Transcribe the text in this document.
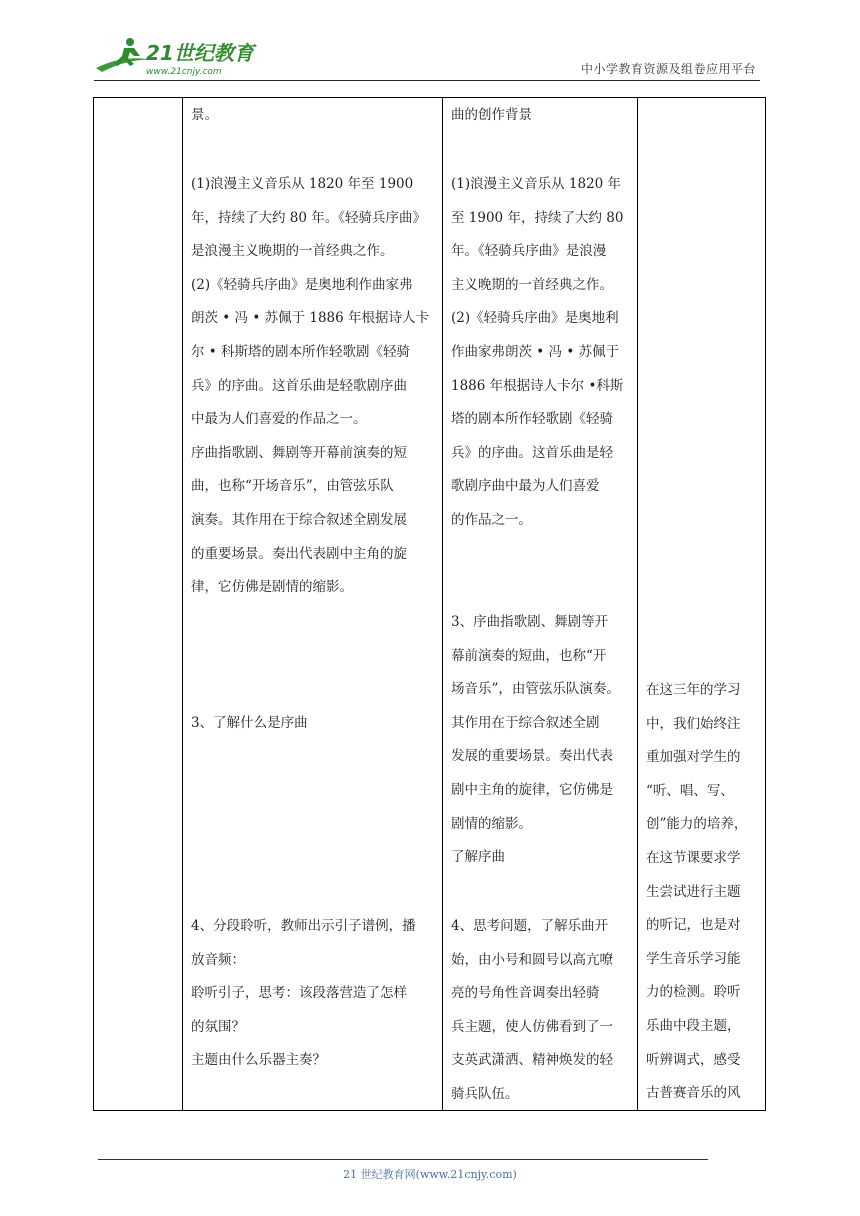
21世纪教育
www.21cnjy.com	中小学教育资源及组卷应用平台
景。
(1)浪漫主义音乐从 1820 年至 1900
年，持续了大约 80 年。《轻骑兵序曲》
是浪漫主义晚期的一首经典之作。
(2)《轻骑兵序曲》是奥地利作曲家弗
朗茨 • 冯 • 苏佩于 1886 年根据诗人卡
尔 • 科斯塔的剧本所作轻歌剧《轻骑
兵》的序曲。这首乐曲是轻歌剧序曲
中最为人们喜爱的作品之一。
序曲指歌剧、舞剧等开幕前演奏的短
曲，也称“开场音乐”，由管弦乐队
演奏。其作用在于综合叙述全剧发展
的重要场景。奏出代表剧中主角的旋
律，它仿佛是剧情的缩影。
3、了解什么是序曲
4、分段聆听，教师出示引子谱例，播
放音频：
聆听引子，思考：该段落营造了怎样
的氛围？
主题由什么乐器主奏？
曲的创作背景
(1)浪漫主义音乐从 1820 年
至 1900 年，持续了大约 80
年。《轻骑兵序曲》是浪漫
主义晚期的一首经典之作。
(2)《轻骑兵序曲》是奥地利
作曲家弗朗茨 • 冯 • 苏佩于
1886 年根据诗人卡尔 •科斯
塔的剧本所作轻歌剧《轻骑
兵》的序曲。这首乐曲是轻
歌剧序曲中最为人们喜爱
的作品之一。
3、序曲指歌剧、舞剧等开
幕前演奏的短曲，也称“开
场音乐”，由管弦乐队演奏。
其作用在于综合叙述全剧
发展的重要场景。奏出代表
剧中主角的旋律，它仿佛是
剧情的缩影。
了解序曲
4、思考问题，了解乐曲开
始，由小号和圆号以高亢嘹
亮的号角性音调奏出轻骑
兵主题，使人仿佛看到了一
支英武潇洒、精神焕发的轻
骑兵队伍。
在这三年的学习
中，我们始终注
重加强对学生的
“听、唱、写、
创”能力的培养，
在这节课要求学
生尝试进行主题
的听记，也是对
学生音乐学习能
力的检测。聆听
乐曲中段主题，
听辨调式，感受
古普赛音乐的风
21 世纪教育网(www.21cnjy.com)
